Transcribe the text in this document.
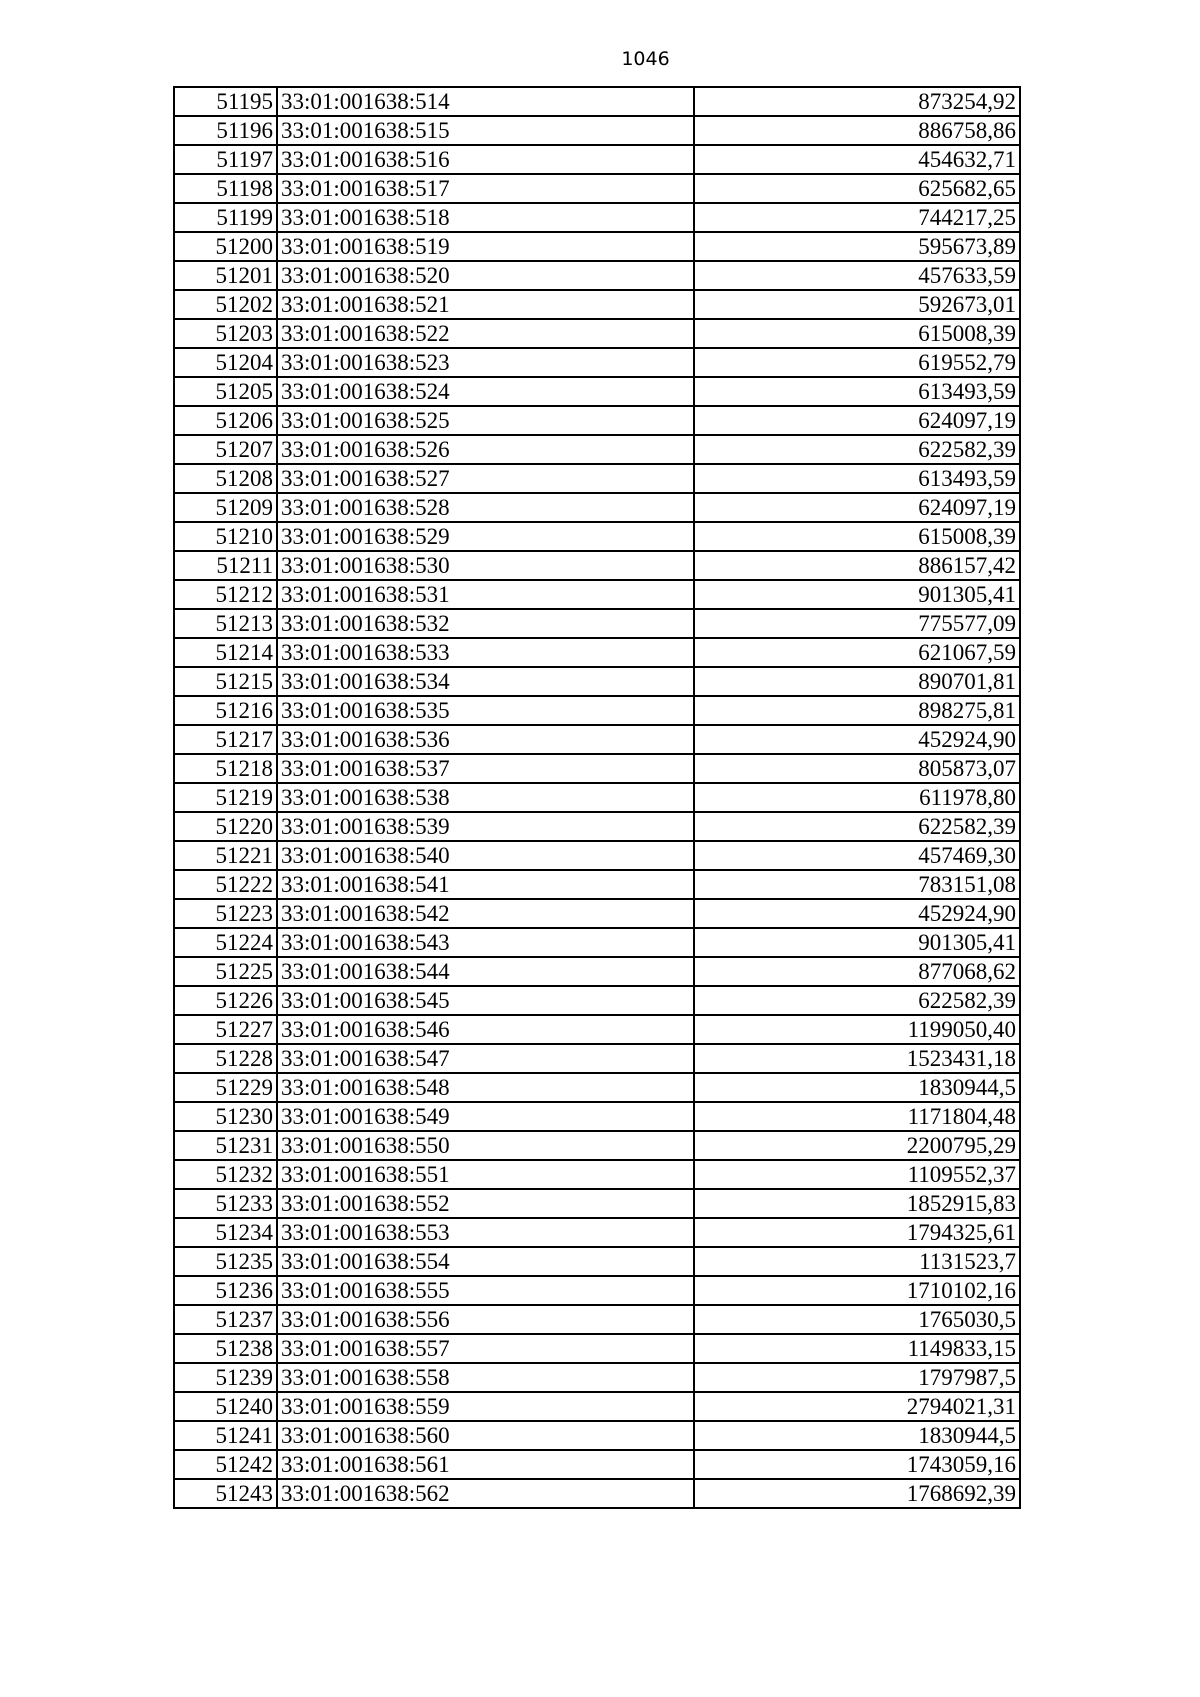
1046
51195	33:01:001638:514	873254,92
51196	33:01:001638:515	886758,86
51197	33:01:001638:516	454632,71
51198	33:01:001638:517	625682,65
51199	33:01:001638:518	744217,25
51200	33:01:001638:519	595673,89
51201	33:01:001638:520	457633,59
51202	33:01:001638:521	592673,01
51203	33:01:001638:522	615008,39
51204	33:01:001638:523	619552,79
51205	33:01:001638:524	613493,59
51206	33:01:001638:525	624097,19
51207	33:01:001638:526	622582,39
51208	33:01:001638:527	613493,59
51209	33:01:001638:528	624097,19
51210	33:01:001638:529	615008,39
51211	33:01:001638:530	886157,42
51212	33:01:001638:531	901305,41
51213	33:01:001638:532	775577,09
51214	33:01:001638:533	621067,59
51215	33:01:001638:534	890701,81
51216	33:01:001638:535	898275,81
51217	33:01:001638:536	452924,90
51218	33:01:001638:537	805873,07
51219	33:01:001638:538	611978,80
51220	33:01:001638:539	622582,39
51221	33:01:001638:540	457469,30
51222	33:01:001638:541	783151,08
51223	33:01:001638:542	452924,90
51224	33:01:001638:543	901305,41
51225	33:01:001638:544	877068,62
51226	33:01:001638:545	622582,39
51227	33:01:001638:546	1199050,40
51228	33:01:001638:547	1523431,18
51229	33:01:001638:548	1830944,5
51230	33:01:001638:549	1171804,48
51231	33:01:001638:550	2200795,29
51232	33:01:001638:551	1109552,37
51233	33:01:001638:552	1852915,83
51234	33:01:001638:553	1794325,61
51235	33:01:001638:554	1131523,7
51236	33:01:001638:555	1710102,16
51237	33:01:001638:556	1765030,5
51238	33:01:001638:557	1149833,15
51239	33:01:001638:558	1797987,5
51240	33:01:001638:559	2794021,31
51241	33:01:001638:560	1830944,5
51242	33:01:001638:561	1743059,16
51243	33:01:001638:562	1768692,39
